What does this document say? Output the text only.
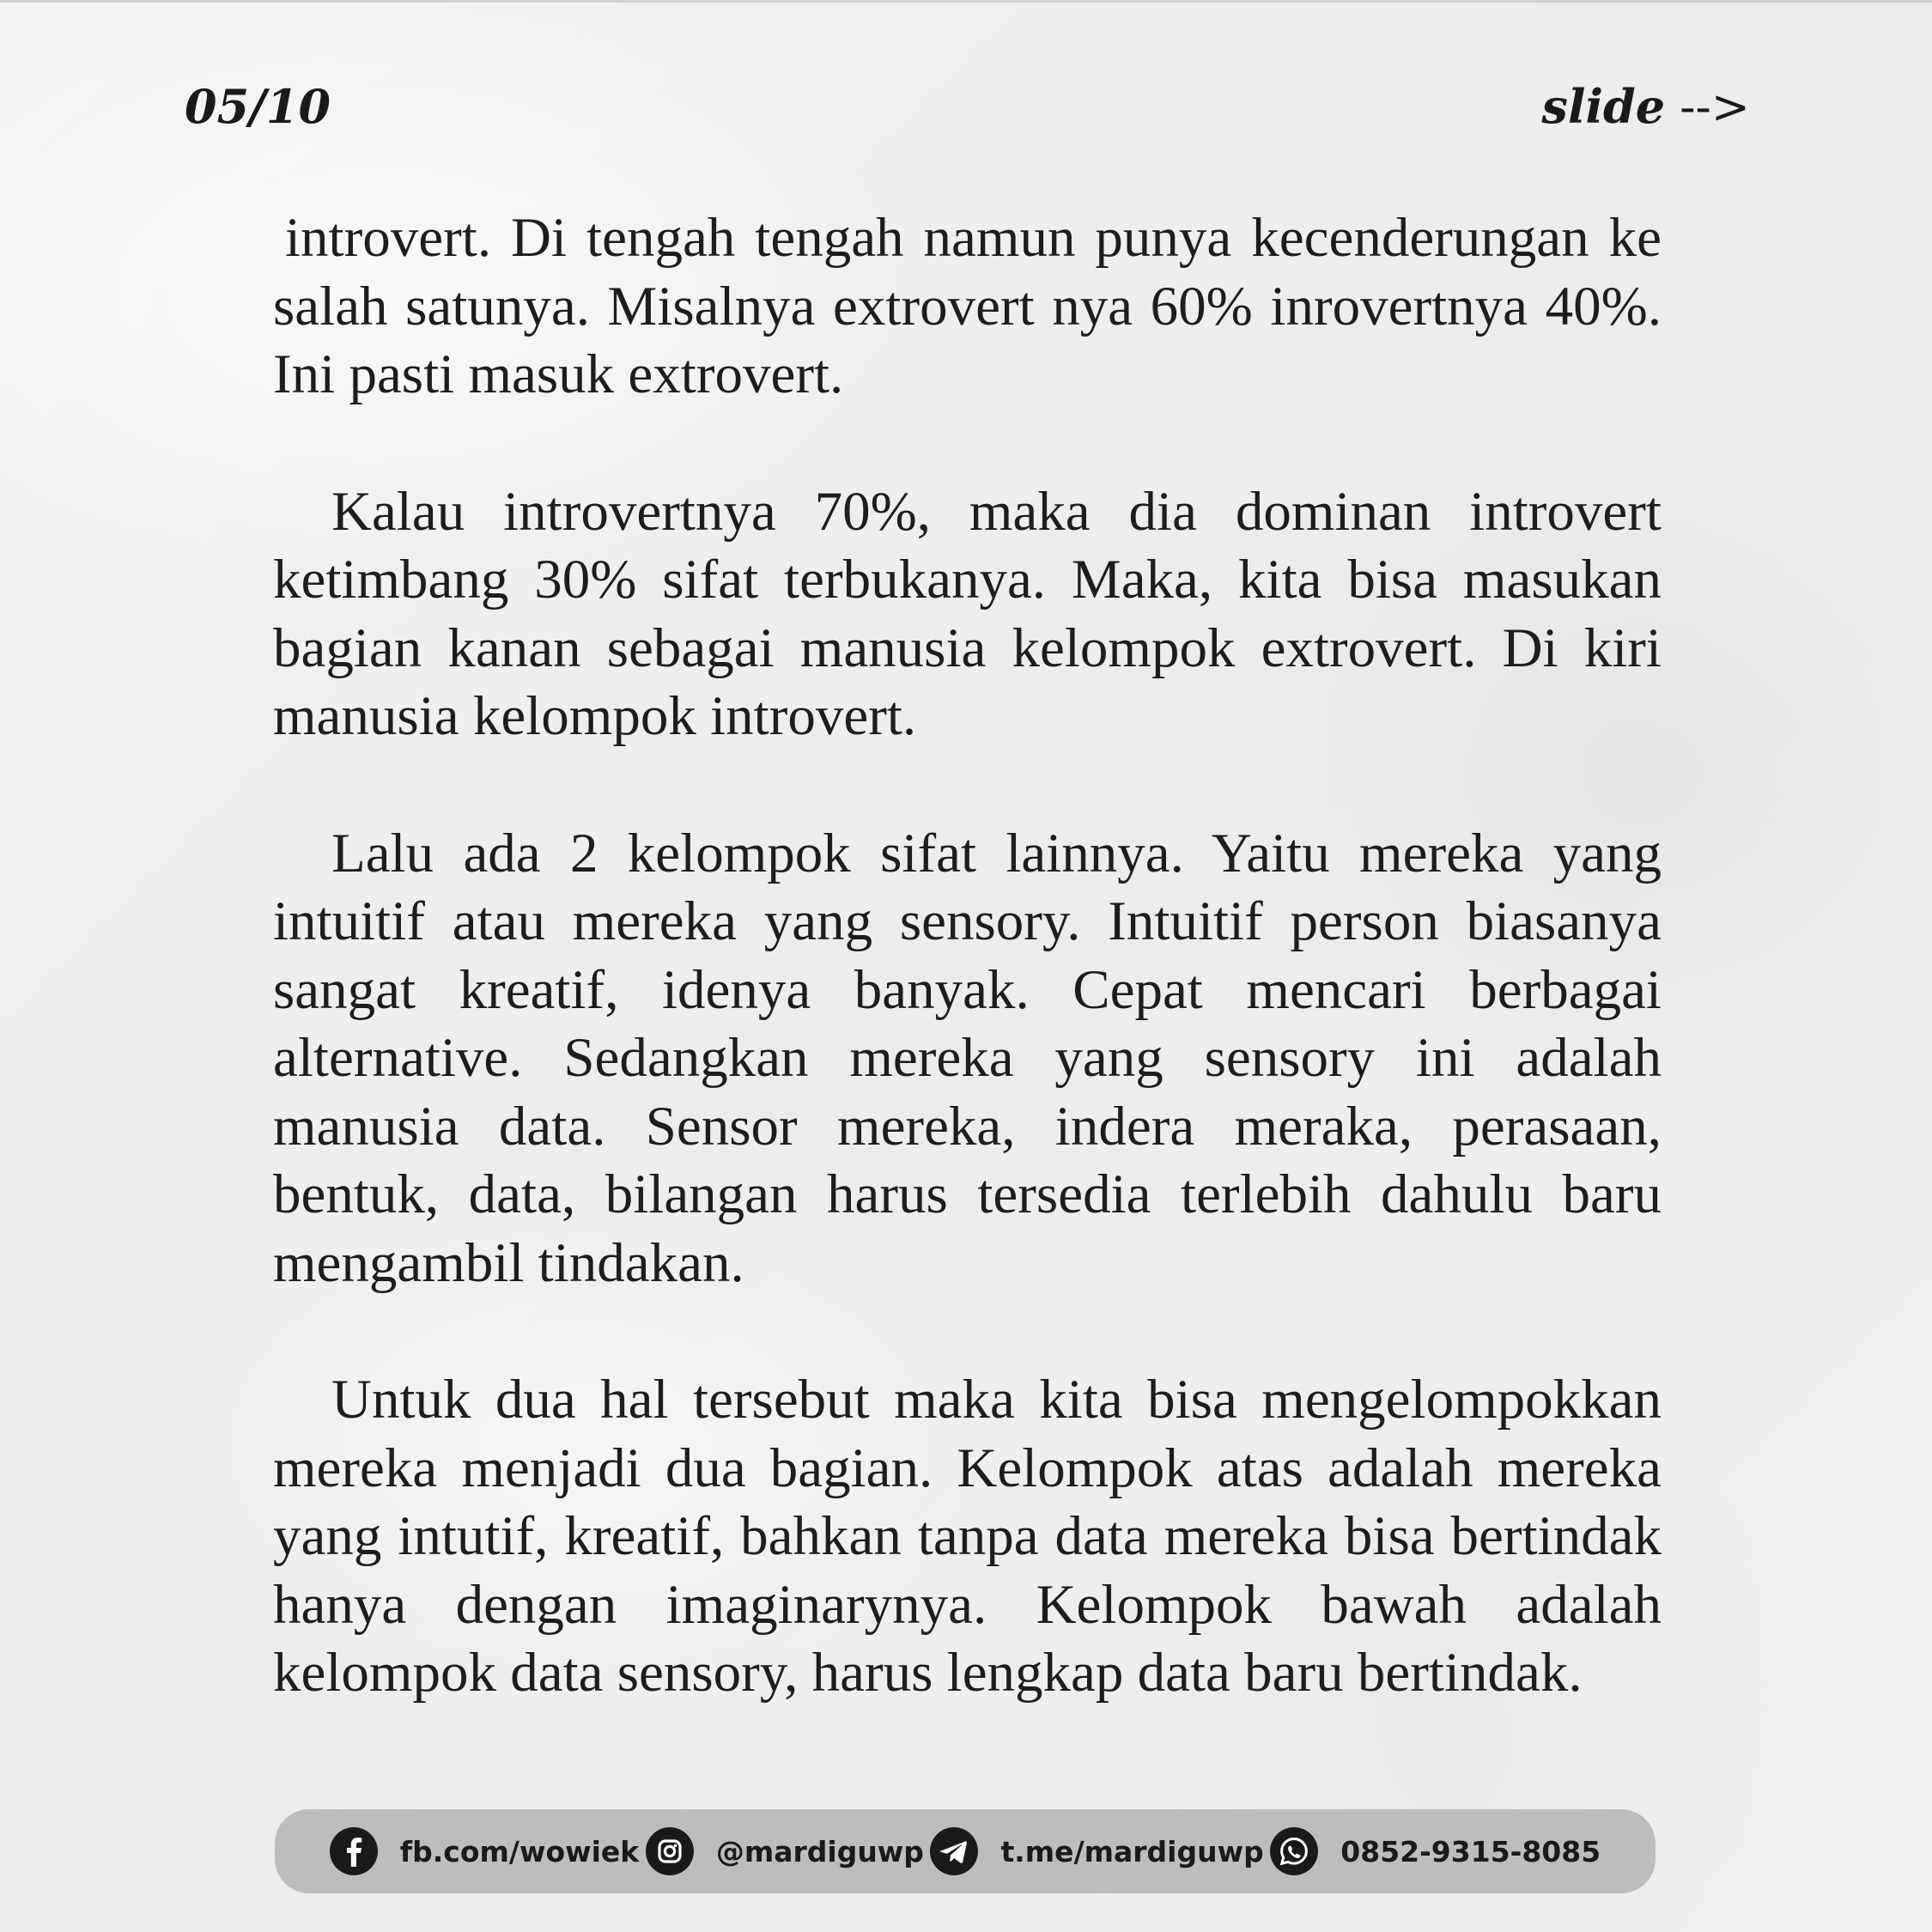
05/10	slide -->

introvert. Di tengah tengah namun punya kecenderungan ke salah satunya. Misalnya extrovert nya 60% inrovertnya 40%. Ini pasti masuk extrovert.

Kalau introvertnya 70%, maka dia dominan introvert ketimbang 30% sifat terbukanya. Maka, kita bisa masukan bagian kanan sebagai manusia kelompok extrovert. Di kiri manusia kelompok introvert.

Lalu ada 2 kelompok sifat lainnya. Yaitu mereka yang intuitif atau mereka yang sensory. Intuitif person biasanya sangat kreatif, idenya banyak. Cepat mencari berbagai alternative. Sedangkan mereka yang sensory ini adalah manusia data. Sensor mereka, indera meraka, perasaan, bentuk, data, bilangan harus tersedia terlebih dahulu baru mengambil tindakan.

Untuk dua hal tersebut maka kita bisa mengelompokkan mereka menjadi dua bagian. Kelompok atas adalah mereka yang intutif, kreatif, bahkan tanpa data mereka bisa bertindak hanya dengan imaginarynya. Kelompok bawah adalah kelompok data sensory, harus lengkap data baru bertindak.

fb.com/wowiek	@mardiguwp	t.me/mardiguwp	0852-9315-8085
